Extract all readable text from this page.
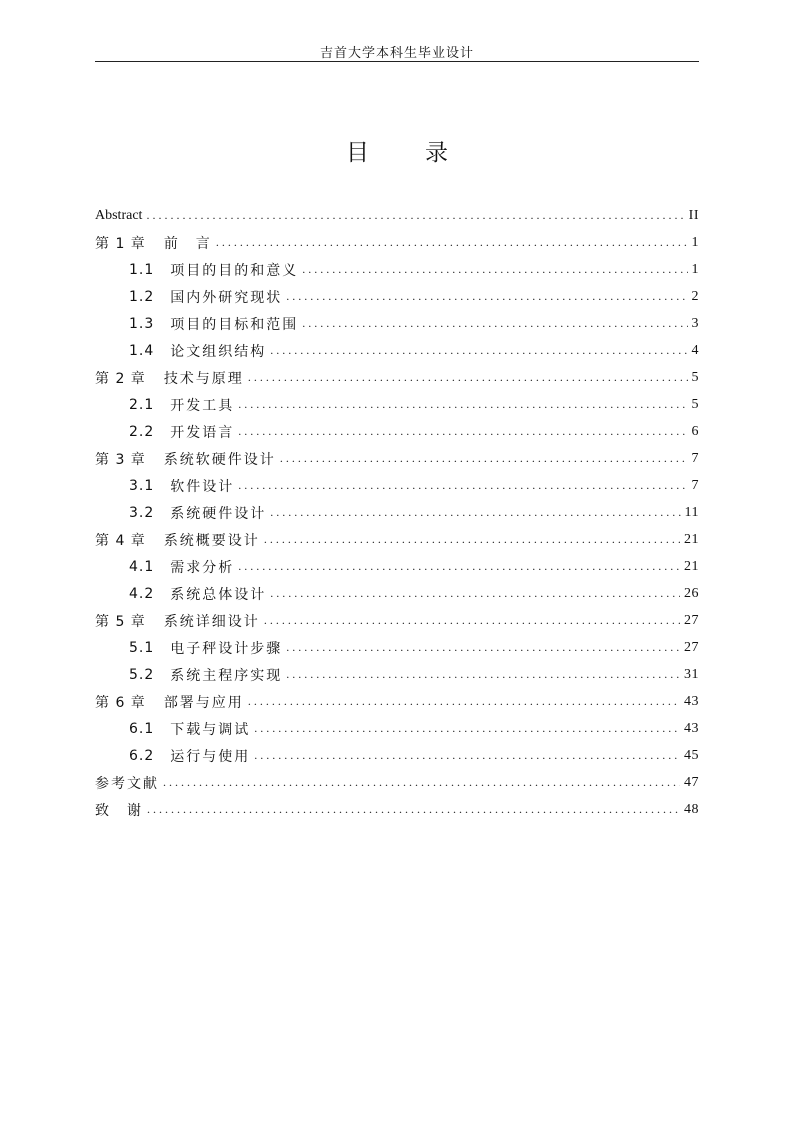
吉首大学本科生毕业设计
目 录
Abstract .....	II
第 1 章 前　言 .....	1
1.1 项目的目的和意义 .....	1
1.2 国内外研究现状 .....	2
1.3 项目的目标和范围 .....	3
1.4 论文组织结构 .....	4
第 2 章 技术与原理 .....	5
2.1 开发工具 .....	5
2.2 开发语言 .....	6
第 3 章 系统软硬件设计 .....	7
3.1 软件设计 .....	7
3.2 系统硬件设计 .....	11
第 4 章 系统概要设计 .....	21
4.1 需求分析 .....	21
4.2 系统总体设计 .....	26
第 5 章 系统详细设计 .....	27
5.1 电子秤设计步骤 .....	27
5.2 系统主程序实现 .....	31
第 6 章 部署与应用 .....	43
6.1 下载与调试 .....	43
6.2 运行与使用 .....	45
参考文献 .....	47
致　谢 .....	48
